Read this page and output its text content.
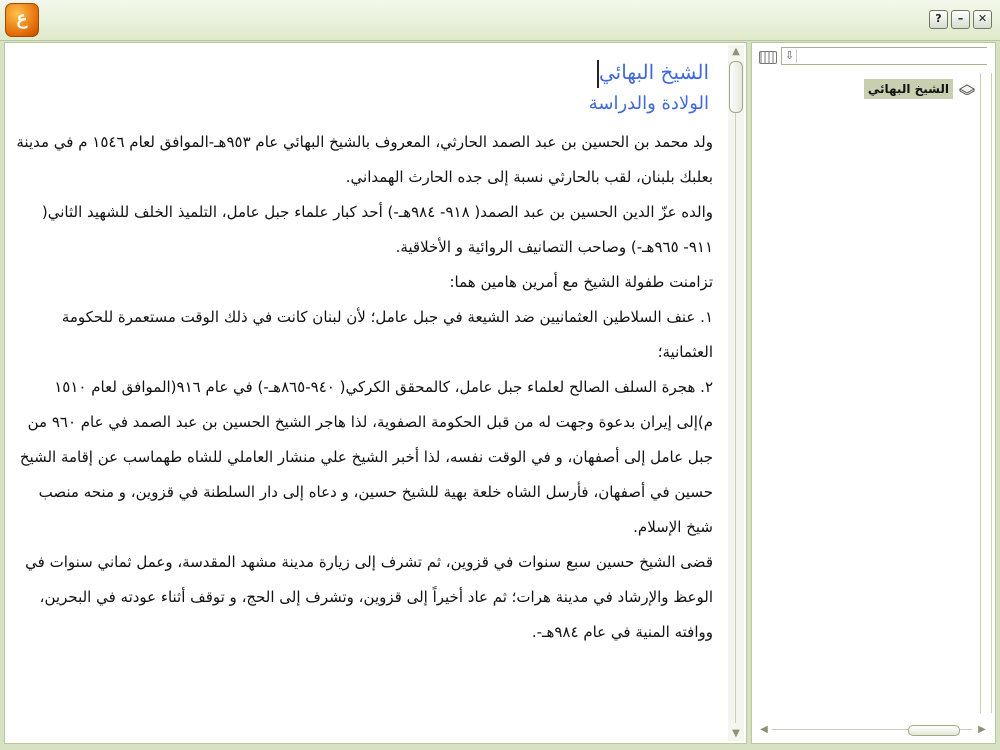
ع	?	–	✕
الشيخ البهائي
الولادة والدراسة

ولد محمد بن الحسين بن عبد الصمد الحارثي، المعروف بالشيخ البهائي عام ٩٥٣هـ-الموافق لعام ١٥٤٦ م في مدينة بعلبك بلبنان، لقب بالحارثي نسبة إلى جده الحارث الهمداني.

والده عزّ الدين الحسين بن عبد الصمد( ٩١٨- ٩٨٤هـ-) أحد كبار علماء جبل عامل، التلميذ الخلف للشهيد الثاني( ٩١١- ٩٦٥هـ-) وصاحب التصانيف الروائية و الأخلاقية.

تزامنت طفولة الشيخ مع أمرين هامين هما:

١. عنف السلاطين العثمانيين ضد الشيعة في جبل عامل؛ لأن لبنان كانت في ذلك الوقت مستعمرة للحكومة العثمانية؛

٢. هجرة السلف الصالح لعلماء جبل عامل، كالمحقق الكركي( ٩٤٠-٨٦٥هـ-) في عام ٩١٦(الموافق لعام ١٥١٠ م)إلى إيران بدعوة وجهت له من قبل الحكومة الصفوية، لذا هاجر الشيخ الحسين بن عبد الصمد في عام ٩٦٠ من جبل عامل إلى أصفهان، و في الوقت نفسه، لذا أخبر الشيخ علي منشار العاملي للشاه طهماسب عن إقامة الشيخ حسين في أصفهان، فأرسل الشاه خلعة بهية للشيخ حسين، و دعاه إلى دار السلطنة في قزوين، و منحه منصب شيخ الإسلام.

قضى الشيخ حسين سبع سنوات في قزوين، ثم تشرف إلى زيارة مدينة مشهد المقدسة، وعمل ثماني سنوات في الوعظ والإرشاد في مدينة هرات؛ ثم عاد أخيراً إلى قزوين، وتشرف إلى الحج، و توقف أثناء عودته في البحرين، ووافته المنية في عام ٩٨٤هـ-.

▲
▼
⇩
الشيخ البهائي
◀	▶
